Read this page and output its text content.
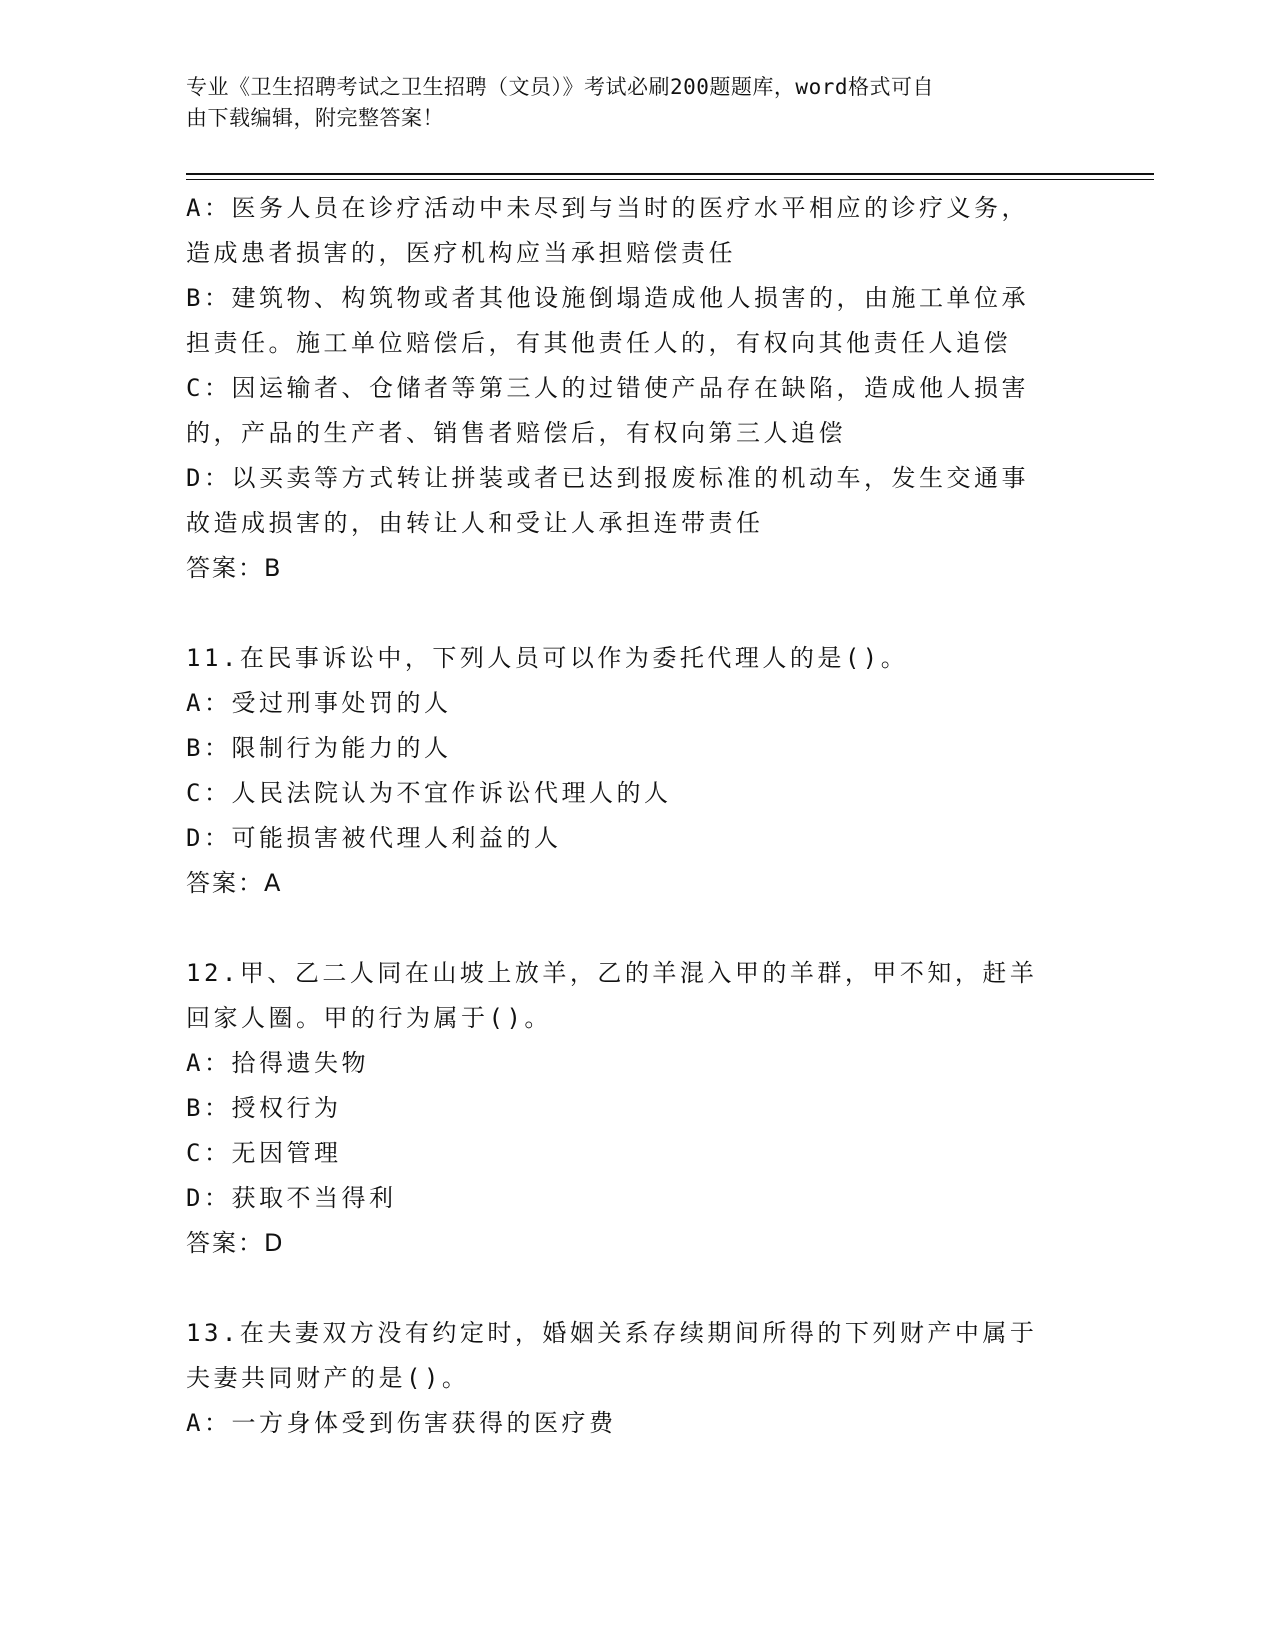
专业《卫生招聘考试之卫生招聘（文员）》考试必刷200题题库，word格式可自
由下载编辑，附完整答案！
A：医务人员在诊疗活动中未尽到与当时的医疗水平相应的诊疗义务，
造成患者损害的，医疗机构应当承担赔偿责任
B：建筑物、构筑物或者其他设施倒塌造成他人损害的，由施工单位承
担责任。施工单位赔偿后，有其他责任人的，有权向其他责任人追偿
C：因运输者、仓储者等第三人的过错使产品存在缺陷，造成他人损害
的，产品的生产者、销售者赔偿后，有权向第三人追偿
D：以买卖等方式转让拼装或者已达到报废标准的机动车，发生交通事
故造成损害的，由转让人和受让人承担连带责任
答案：B
11.在民事诉讼中，下列人员可以作为委托代理人的是()。
A：受过刑事处罚的人
B：限制行为能力的人
C：人民法院认为不宜作诉讼代理人的人
D：可能损害被代理人利益的人
答案：A
12.甲、乙二人同在山坡上放羊，乙的羊混入甲的羊群，甲不知，赶羊
回家人圈。甲的行为属于()。
A：拾得遗失物
B：授权行为
C：无因管理
D：获取不当得利
答案：D
13.在夫妻双方没有约定时，婚姻关系存续期间所得的下列财产中属于
夫妻共同财产的是()。
A：一方身体受到伤害获得的医疗费
